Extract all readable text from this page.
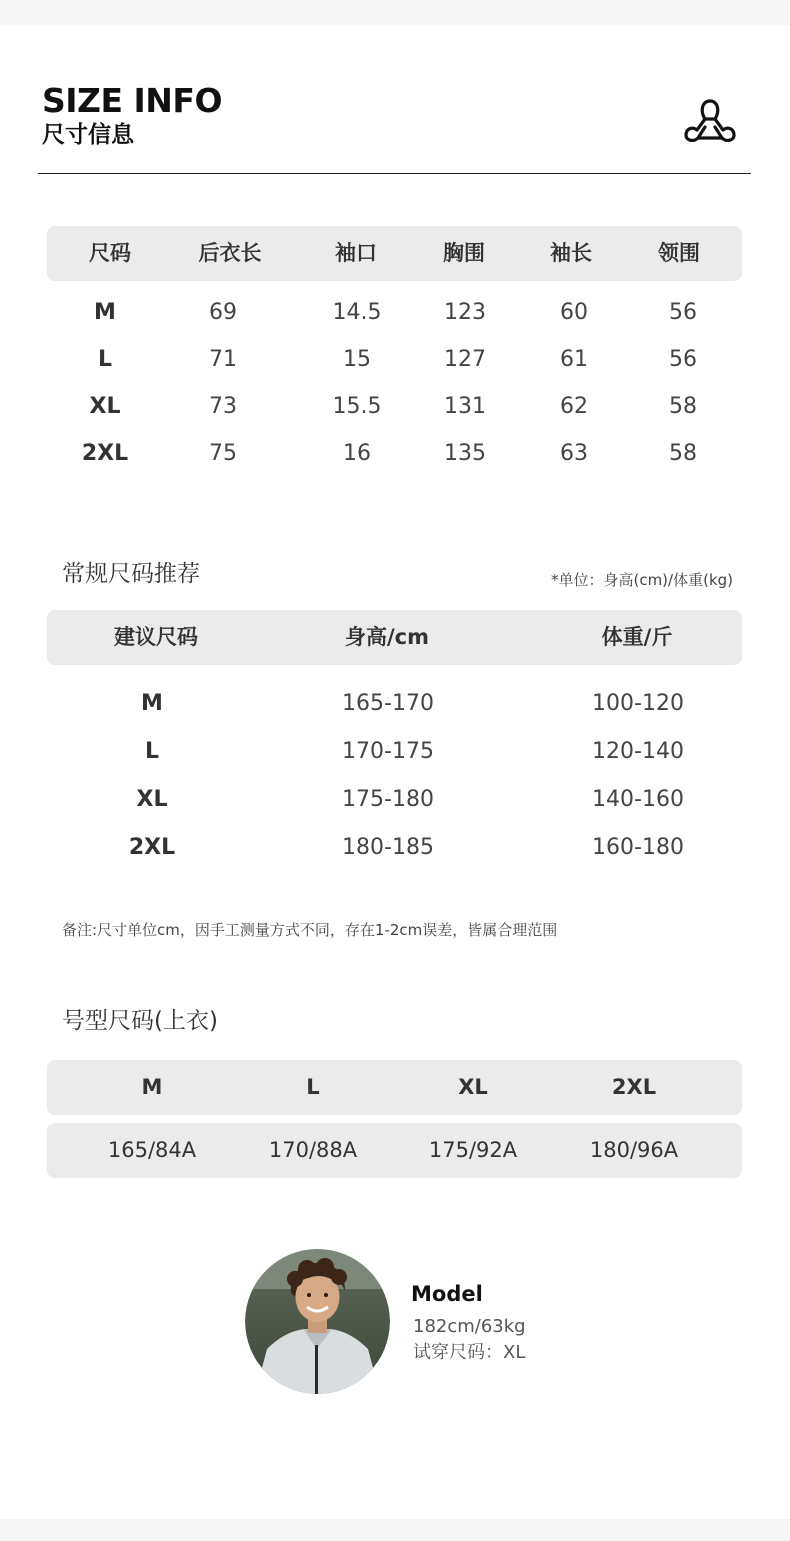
SIZE INFO
尺寸信息
尺码	后衣长	袖口	胸围	袖长	领围
M	69	14.5	123	60	56
L	71	15	127	61	56
XL	73	15.5	131	62	58
2XL	75	16	135	63	58
常规尺码推荐	*单位：身高(cm)/体重(kg)
建议尺码	身高/cm	体重/斤
M	165-170	100-120
L	170-175	120-140
XL	175-180	140-160
2XL	180-185	160-180
备注:尺寸单位cm，因手工测量方式不同，存在1-2cm误差，皆属合理范围
号型尺码(上衣)
M	L	XL	2XL
165/84A	170/88A	175/92A	180/96A
Model
182cm/63kg
试穿尺码：XL
